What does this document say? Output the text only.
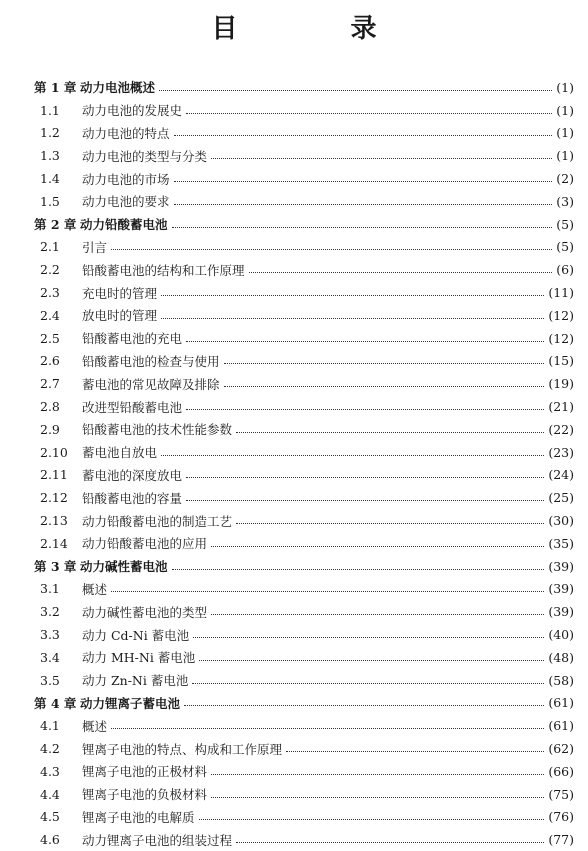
目 录
第 1 章 动力电池概述	(1)
1.1	动力电池的发展史	(1)
1.2	动力电池的特点	(1)
1.3	动力电池的类型与分类	(1)
1.4	动力电池的市场	(2)
1.5	动力电池的要求	(3)
第 2 章 动力铅酸蓄电池	(5)
2.1	引言	(5)
2.2	铅酸蓄电池的结构和工作原理	(6)
2.3	充电时的管理	(11)
2.4	放电时的管理	(12)
2.5	铅酸蓄电池的充电	(12)
2.6	铅酸蓄电池的检查与使用	(15)
2.7	蓄电池的常见故障及排除	(19)
2.8	改进型铅酸蓄电池	(21)
2.9	铅酸蓄电池的技术性能参数	(22)
2.10	蓄电池自放电	(23)
2.11	蓄电池的深度放电	(24)
2.12	铅酸蓄电池的容量	(25)
2.13	动力铅酸蓄电池的制造工艺	(30)
2.14	动力铅酸蓄电池的应用	(35)
第 3 章 动力碱性蓄电池	(39)
3.1	概述	(39)
3.2	动力碱性蓄电池的类型	(39)
3.3	动力 Cd-Ni 蓄电池	(40)
3.4	动力 MH-Ni 蓄电池	(48)
3.5	动力 Zn-Ni 蓄电池	(58)
第 4 章 动力锂离子蓄电池	(61)
4.1	概述	(61)
4.2	锂离子电池的特点、构成和工作原理	(62)
4.3	锂离子电池的正极材料	(66)
4.4	锂离子电池的负极材料	(75)
4.5	锂离子电池的电解质	(76)
4.6	动力锂离子电池的组装过程	(77)
